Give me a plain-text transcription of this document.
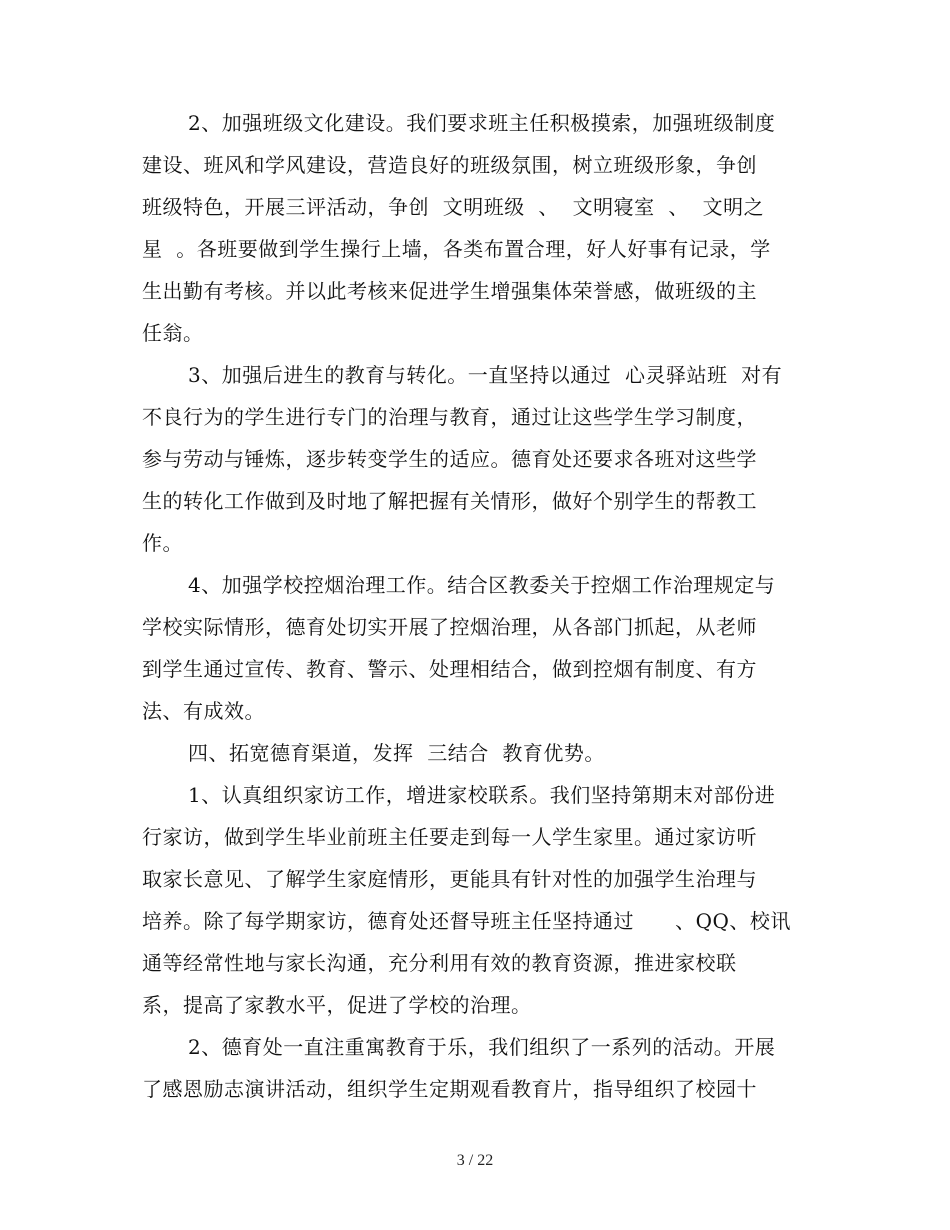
2、加强班级文化建设。我们要求班主任积极摸索，加强班级制度
建设、班风和学风建设，营造良好的班级氛围，树立班级形象，争创
班级特色，开展三评活动，争创  文明班级  、  文明寝室  、  文明之
星  。各班要做到学生操行上墙，各类布置合理，好人好事有记录，学
生出勤有考核。并以此考核来促进学生增强集体荣誉感，做班级的主
任翁。
3、加强后进生的教育与转化。一直坚持以通过  心灵驿站班  对有
不良行为的学生进行专门的治理与教育，通过让这些学生学习制度，
参与劳动与锤炼，逐步转变学生的适应。德育处还要求各班对这些学
生的转化工作做到及时地了解把握有关情形，做好个别学生的帮教工
作。
4、加强学校控烟治理工作。结合区教委关于控烟工作治理规定与
学校实际情形，德育处切实开展了控烟治理，从各部门抓起，从老师
到学生通过宣传、教育、警示、处理相结合，做到控烟有制度、有方
法、有成效。
四、拓宽德育渠道，发挥  三结合  教育优势。
1、认真组织家访工作，增进家校联系。我们坚持第期末对部份进
行家访，做到学生毕业前班主任要走到每一人学生家里。通过家访听
取家长意见、了解学生家庭情形，更能具有针对性的加强学生治理与
培养。除了每学期家访，德育处还督导班主任坚持通过      、QQ、校讯
通等经常性地与家长沟通，充分利用有效的教育资源，推进家校联
系，提高了家教水平，促进了学校的治理。
2、德育处一直注重寓教育于乐，我们组织了一系列的活动。开展
了感恩励志演讲活动，组织学生定期观看教育片，指导组织了校园十
3 / 22
